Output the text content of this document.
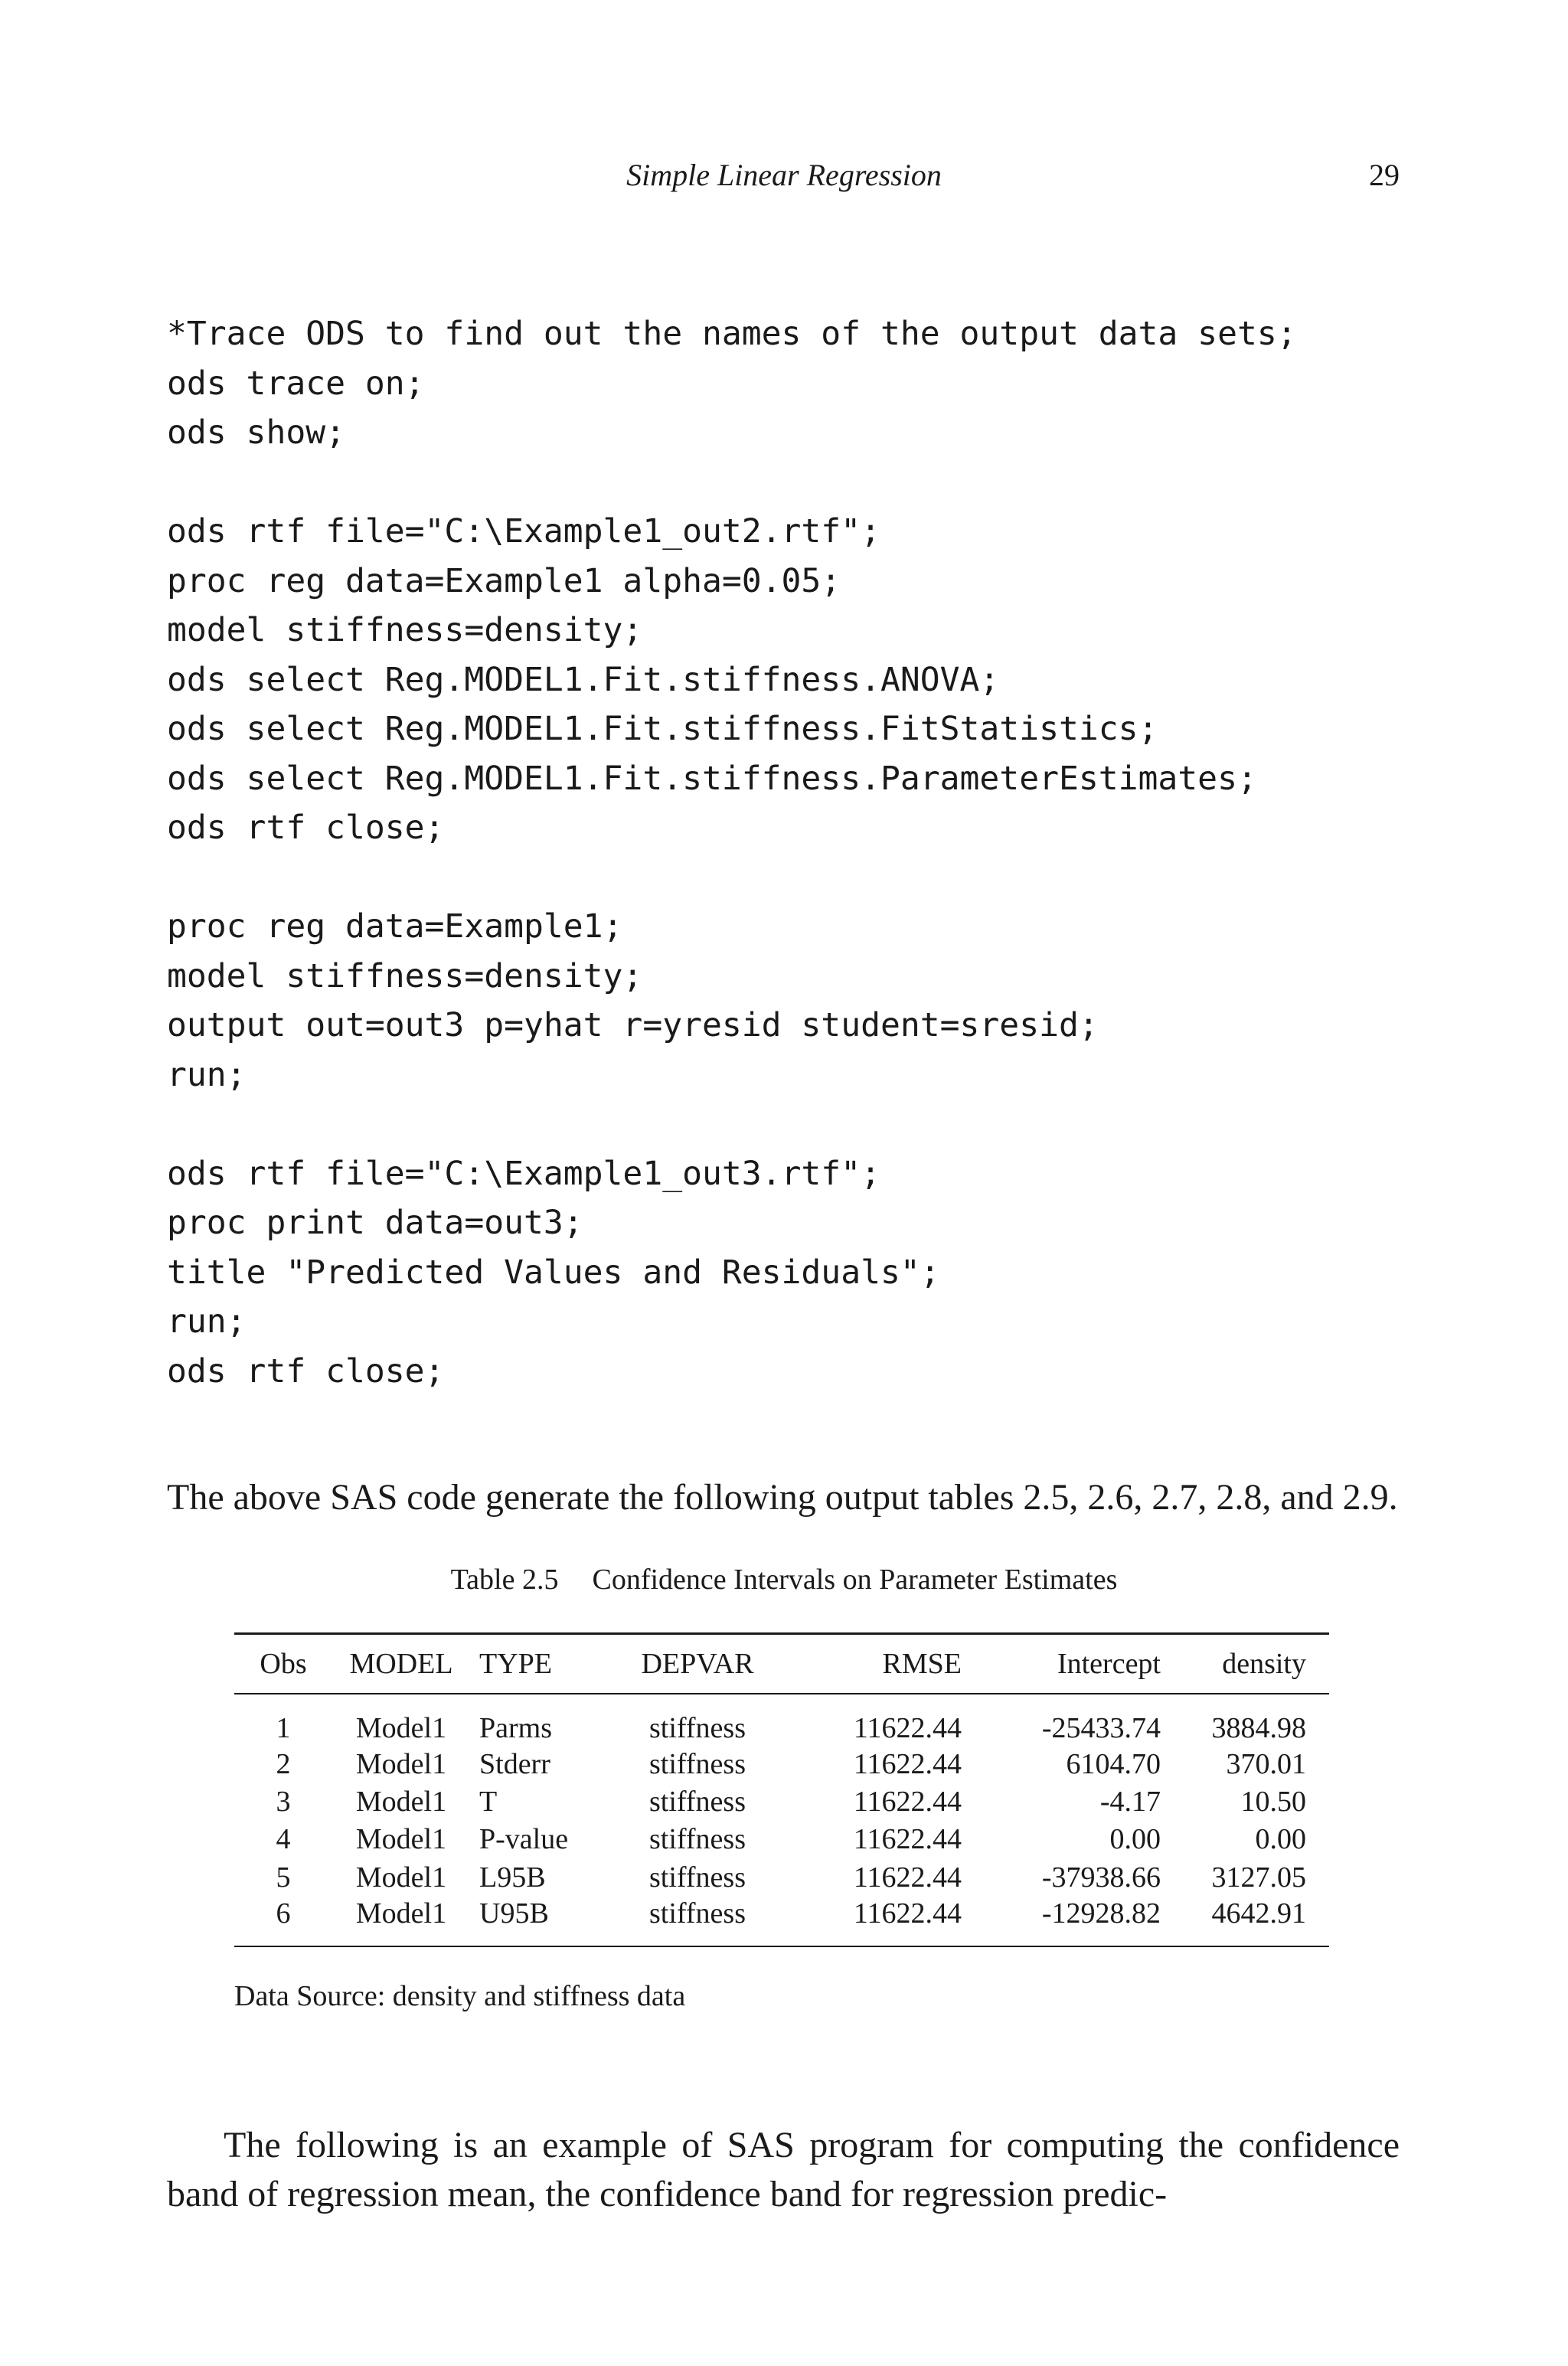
Simple Linear Regression	29
*Trace ODS to find out the names of the output data sets;
ods trace on;
ods show;
ods rtf file="C:\Example1_out2.rtf";
proc reg data=Example1 alpha=0.05;
model stiffness=density;
ods select Reg.MODEL1.Fit.stiffness.ANOVA;
ods select Reg.MODEL1.Fit.stiffness.FitStatistics;
ods select Reg.MODEL1.Fit.stiffness.ParameterEstimates;
ods rtf close;
proc reg data=Example1;
model stiffness=density;
output out=out3 p=yhat r=yresid student=sresid;
run;
ods rtf file="C:\Example1_out3.rtf";
proc print data=out3;
title "Predicted Values and Residuals";
run;
ods rtf close;

The above SAS code generate the following output tables 2.5, 2.6, 2.7, 2.8, and 2.9.

Table 2.5 Confidence Intervals on Parameter Estimates
Obs	MODEL	TYPE	DEPVAR	RMSE	Intercept	density
1	Model1	Parms	stiffness	11622.44	-25433.74	3884.98
2	Model1	Stderr	stiffness	11622.44	6104.70	370.01
3	Model1	T	stiffness	11622.44	-4.17	10.50
4	Model1	P-value	stiffness	11622.44	0.00	0.00
5	Model1	L95B	stiffness	11622.44	-37938.66	3127.05
6	Model1	U95B	stiffness	11622.44	-12928.82	4642.91
Data Source: density and stiffness data

The following is an example of SAS program for computing the confidence band of regression mean, the confidence band for regression predic-
